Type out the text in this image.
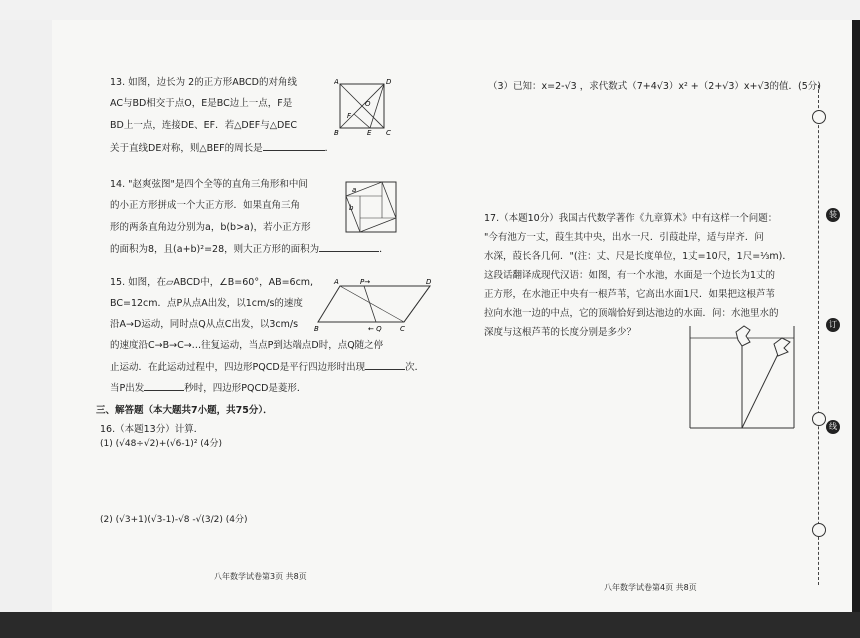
13. 如图，边长为 2的正方形ABCD的对角线
AC与BD相交于点O，E是BC边上一点，F是
BD上一点，连接DE、EF．若△DEF与△DEC
关于直线DE对称，则△BEF的周长是	．
A	D
B	C
E
F
O
14. "赵爽弦图"是四个全等的直角三角形和中间
的小正方形拼成一个大正方形．如果直角三角
形的两条直角边分别为a，b(b>a)，若小正方形
的面积为8，且(a+b)²=28，则大正方形的面积为	．
a
b
15. 如图，在▱ABCD中，∠B=60°，AB=6cm,
BC=12cm．点P从点A出发，以1cm/s的速度
沿A→D运动，同时点Q从点C出发，以3cm/s
的速度沿C→B→C→…往复运动，当点P到达端点D时，点Q随之停
止运动．在此运动过程中，四边形PQCD是平行四边形时出现	次．
当P出发	秒时，四边形PQCD是菱形．
A	P→	D
B	← Q	C
三、解答题（本大题共7小题，共75分）．
16.（本题13分）计算．
(1) (√48÷√2)+(√6-1)² (4分)
(2) (√3+1)(√3-1)-√8 -√(3/2) (4分)
八年数学试卷第3页 共8页
（3）已知：x=2-√3 ，求代数式（7+4√3）x² +（2+√3）x+√3的值．(5分)
17.（本题10分）我国古代数学著作《九章算术》中有这样一个问题：
"今有池方一丈，葭生其中央，出水一尺．引葭赴岸，适与岸齐．问
水深，葭长各几何．"(注：丈、尺是长度单位，1丈=10尺，1尺=⅓m)．
这段话翻译成现代汉语：如图，有一个水池，水面是一个边长为1丈的
正方形，在水池正中央有一根芦苇，它高出水面1尺．如果把这根芦苇
拉向水池一边的中点，它的顶端恰好到达池边的水面．问：水池里水的
深度与这根芦苇的长度分别是多少？
八年数学试卷第4页 共8页
装
订
线
